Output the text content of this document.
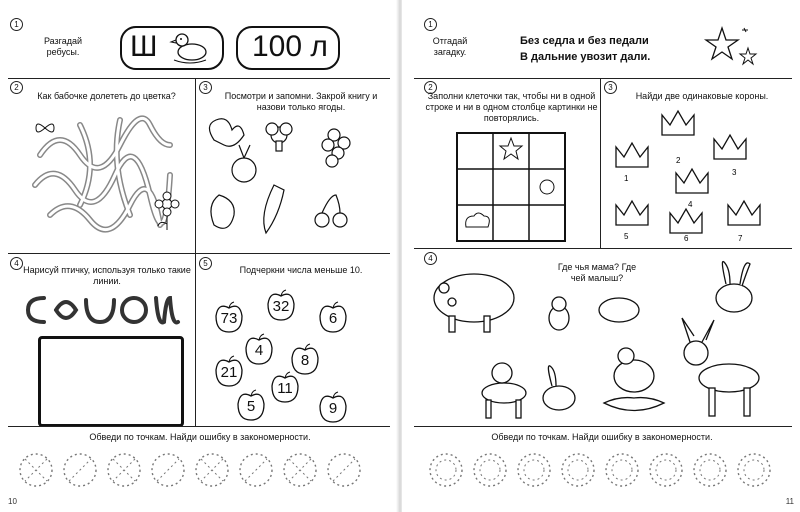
1
Разгадай ребусы.	Ш	100 л
2
Как бабочке долететь до цветка?
3
Посмотри и запомни. Закрой книгу и назови только ягоды.
4
Нарисуй птичку, используя только такие линии.
5
Подчеркни числа меньше 10.
73
32
6
4
8
21
11
5	9
Обведи по точкам. Найди ошибку в закономерности.
10
1
Отгадай загадку.
Без седла и без педали
В дальние увозит дали.
2
Заполни клеточки так, чтобы ни в одной строке и ни в одном столбце картинки не повторялись.
3
Найди две одинаковые короны.
1
2
3
4
5	6	7
4
Где чья мама? Где чей малыш?
Обведи по точкам. Найди ошибку в закономерности.
11
